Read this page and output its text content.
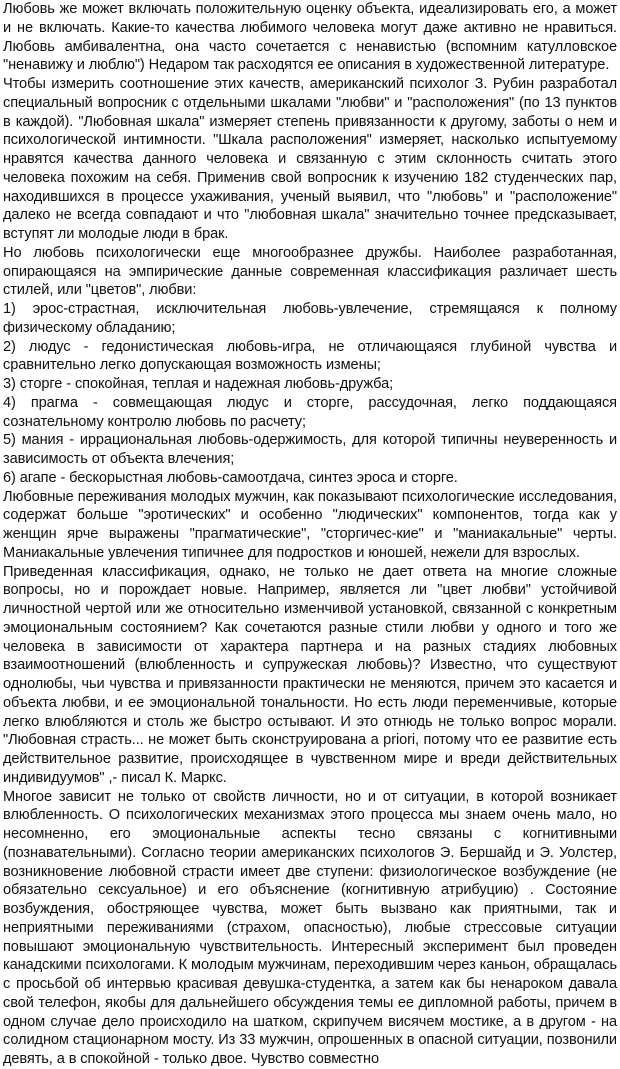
Любовь же может включать положительную оценку объекта, идеализировать его, а может и не включать. Какие-то качества любимого человека могут даже активно не нравиться. Любовь амбивалентна, она часто сочетается с ненавистью (вспомним катулловское "ненавижу и люблю") Недаром так расходятся ее описания в художественной литературе.

Чтобы измерить соотношение этих качеств, американский психолог З. Рубин разработал специальный вопросник с отдельными шкалами "любви" и "расположения" (по 13 пунктов в каждой). "Любовная шкала" измеряет степень привязанности к другому, заботы о нем и психологической интимности. "Шкала расположения" измеряет, насколько испытуемому нравятся качества данного человека и связанную с этим склонность считать этого человека похожим на себя. Применив свой вопросник к изучению 182 студенческих пар, находившихся в процессе ухаживания, ученый выявил, что "любовь" и "расположение" далеко не всегда совпадают и что "любовная шкала" значительно точнее предсказывает, вступят ли молодые люди в брак.

Но любовь психологически еще многообразнее дружбы. Наиболее разработанная, опирающаяся на эмпирические данные современная классификация различает шесть стилей, или "цветов", любви:

1) эрос-страстная, исключительная любовь-увлечение, стремящаяся к полному физическому обладанию;

2) людус - гедонистическая любовь-игра, не отличающаяся глубиной чувства и сравнительно легко допускающая возможность измены;

3) сторге - спокойная, теплая и надежная любовь-дружба;

4) прагма - совмещающая людус и сторге, рассудочная, легко поддающаяся сознательному контролю любовь по расчету;

5) мания - иррациональная любовь-одержимость, для которой типичны неуверенность и зависимость от объекта влечения;

6) агапе - бескорыстная любовь-самоотдача, синтез эроса и сторге.

Любовные переживания молодых мужчин, как показывают психологические исследования, содержат больше "эротических" и особенно "людических" компонентов, тогда как у женщин ярче выражены "прагматические", "сторгичес-кие" и "маниакальные" черты. Маниакальные увлечения типичнее для подростков и юношей, нежели для взрослых.

Приведенная классификация, однако, не только не дает ответа на многие сложные вопросы, но и порождает новые. Например, является ли "цвет любви" устойчивой личностной чертой или же относительно изменчивой установкой, связанной с конкретным эмоциональным состоянием? Как сочетаются разные стили любви у одного и того же человека в зависимости от характера партнера и на разных стадиях любовных взаимоотношений (влюбленность и супружеская любовь)? Известно, что существуют однолюбы, чьи чувства и привязанности практически не меняются, причем это касается и объекта любви, и ее эмоциональной тональности. Но есть люди переменчивые, которые легко влюбляются и столь же быстро остывают. И это отнюдь не только вопрос морали. "Любовная страсть... не может быть сконструирована a priori, потому что ее развитие есть действительное развитие, происходящее в чувственном мире и вреди действительных индивидуумов" ,- писал К. Маркс.

Многое зависит не только от свойств личности, но и от ситуации, в которой возникает влюбленность. О психологических механизмах этого процесса мы знаем очень мало, но несомненно, его эмоциональные аспекты тесно связаны с когнитивными (познавательными). Согласно теории американских психологов Э. Бершайд и Э. Уолстер, возникновение любовной страсти имеет две ступени: физиологическое возбуждение (не обязательно сексуальное) и его объяснение (когнитивную атрибуцию) . Состояние возбуждения, обостряющее чувства, может быть вызвано как приятными, так и неприятными переживаниями (страхом, опасностью), любые стрессовые ситуации повышают эмоциональную чувствительность. Интересный эксперимент был проведен канадскими психологами. К молодым мужчинам, переходившим через каньон, обращалась с просьбой об интервью красивая девушка-студентка, а затем как бы ненароком давала свой телефон, якобы для дальнейшего обсуждения темы ее дипломной работы, причем в одном случае дело происходило на шатком, скрипучем висячем мостике, а в другом - на солидном стационарном мосту. Из 33 мужчин, опрошенных в опасной ситуации, позвонили девять, а в спокойной - только двое. Чувство совместно
